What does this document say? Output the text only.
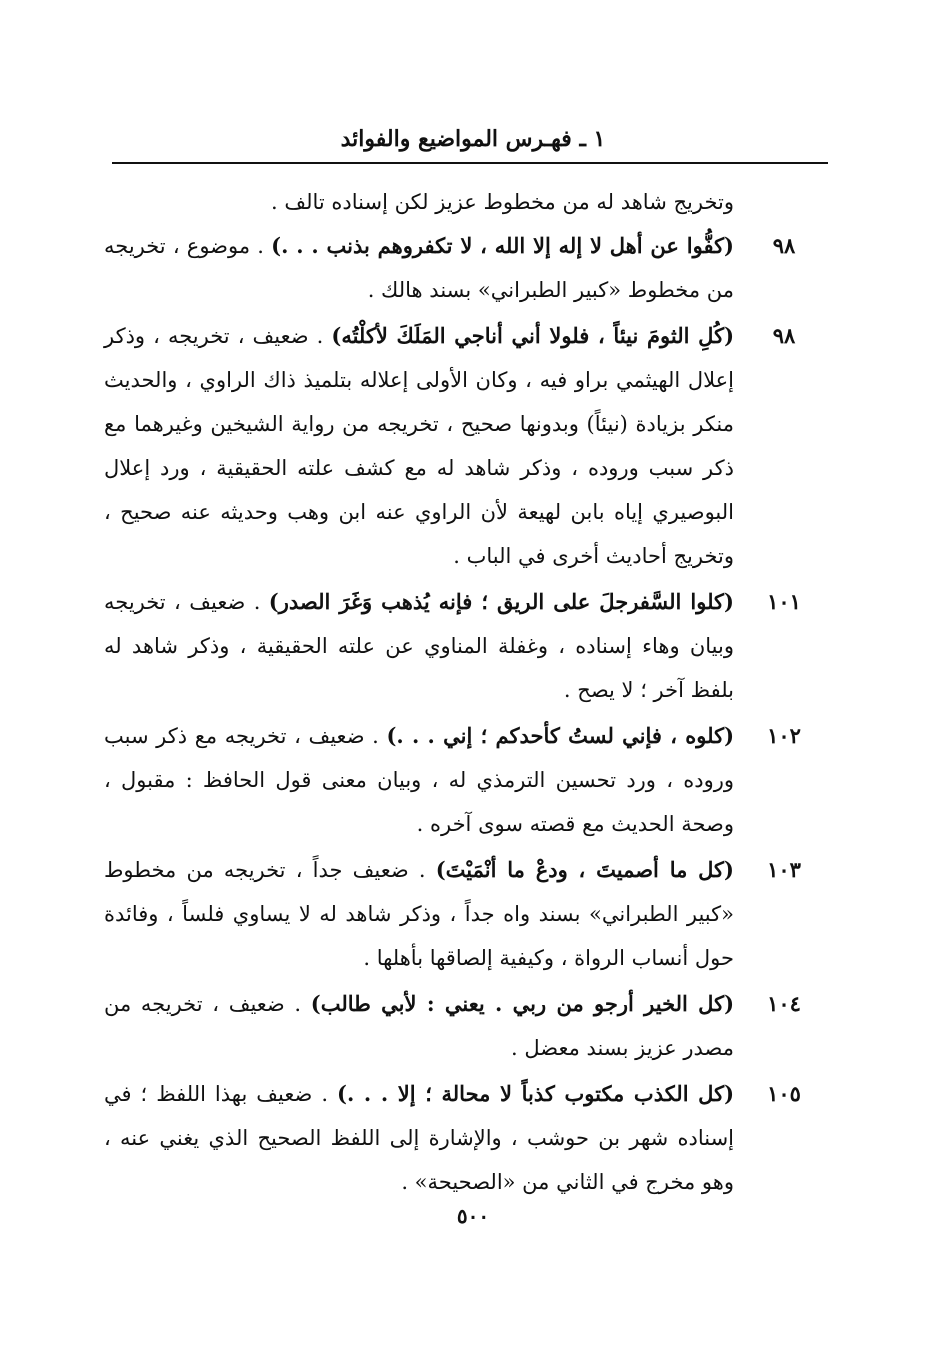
١ ـ فهـرس المواضيع والفوائد
وتخريج شاهد له من مخطوط عزيز لكن إسناده تالف .
٩٨
(كفُّوا عن أهل لا إله إلا الله ، لا تكفروهم بذنب . . .) . موضوع ، تخريجه من مخطوط «كبير الطبراني» بسند هالك .
٩٨
(كُلِ الثومَ نيئاً ، فلولا أني أناجي المَلَكَ لأكلْتُه) . ضعيف ، تخريجه ، وذكر إعلال الهيثمي براو فيه ، وكان الأولى إعلاله بتلميذ ذاك الراوي ، والحديث منكر بزيادة (نيئاً) وبدونها صحيح ، تخريجه من رواية الشيخين وغيرهما مع ذكر سبب وروده ، وذكر شاهد له مع كشف علته الحقيقية ، ورد إعلال البوصيري إياه بابن لهيعة لأن الراوي عنه ابن وهب وحديثه عنه صحيح ، وتخريج أحاديث أخرى في الباب .
١٠١
(كلوا السَّفرجلَ على الريق ؛ فإنه يُذهب وَغَرَ الصدر) . ضعيف ، تخريجه وبيان وهاء إسناده ، وغفلة المناوي عن علته الحقيقية ، وذكر شاهد له بلفظ آخر ؛ لا يصح .
١٠٢
(كلوه ، فإني لستُ كأحدكم ؛ إني . . .) . ضعيف ، تخريجه مع ذكر سبب وروده ، ورد تحسين الترمذي له ، وبيان معنى قول الحافظ : مقبول ، وصحة الحديث مع قصته سوى آخره .
١٠٣
(كل ما أصميتَ ، ودعْ ما أنْمَيْتَ) . ضعيف جداً ، تخريجه من مخطوط «كبير الطبراني» بسند واه جداً ، وذكر شاهد له لا يساوي فلساً ، وفائدة حول أنساب الرواة ، وكيفية إلصاقها بأهلها .
١٠٤
(كل الخير أرجو من ربي . يعني : لأبي طالب) . ضعيف ، تخريجه من مصدر عزيز بسند معضل .
١٠٥
(كل الكذب مكتوب كذباً لا محالة ؛ إلا . . .) . ضعيف بهذا اللفظ ؛ في إسناده شهر بن حوشب ، والإشارة إلى اللفظ الصحيح الذي يغني عنه ، وهو مخرج في الثاني من «الصحيحة» .
٥٠٠
